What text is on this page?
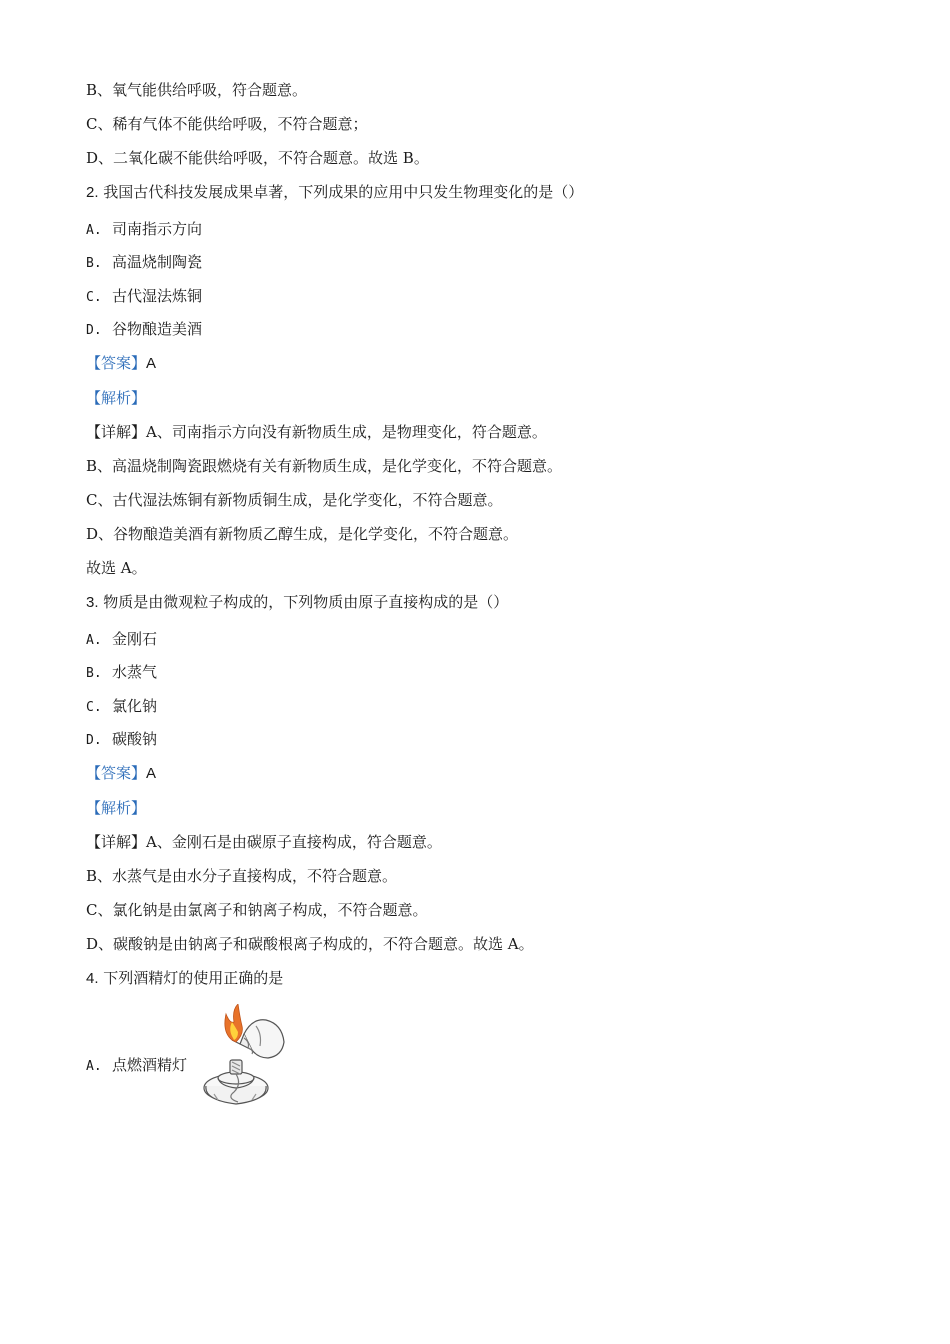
B、氧气能供给呼吸，符合题意。
C、稀有气体不能供给呼吸，不符合题意；
D、二氧化碳不能供给呼吸，不符合题意。故选 B。
2. 我国古代科技发展成果卓著，下列成果的应用中只发生物理变化的是（）
A. 司南指示方向
B. 高温烧制陶瓷
C. 古代湿法炼铜
D. 谷物酿造美酒
【答案】A
【解析】
【详解】A、司南指示方向没有新物质生成，是物理变化，符合题意。
B、高温烧制陶瓷跟燃烧有关有新物质生成，是化学变化，不符合题意。
C、古代湿法炼铜有新物质铜生成，是化学变化，不符合题意。
D、谷物酿造美酒有新物质乙醇生成，是化学变化，不符合题意。
故选 A。
3. 物质是由微观粒子构成的，下列物质由原子直接构成的是（）
A. 金刚石
B. 水蒸气
C. 氯化钠
D. 碳酸钠
【答案】A
【解析】
【详解】A、金刚石是由碳原子直接构成，符合题意。
B、水蒸气是由水分子直接构成，不符合题意。
C、氯化钠是由氯离子和钠离子构成，不符合题意。
D、碳酸钠是由钠离子和碳酸根离子构成的，不符合题意。故选 A。
4. 下列酒精灯的使用正确的是
A. 点燃酒精灯
